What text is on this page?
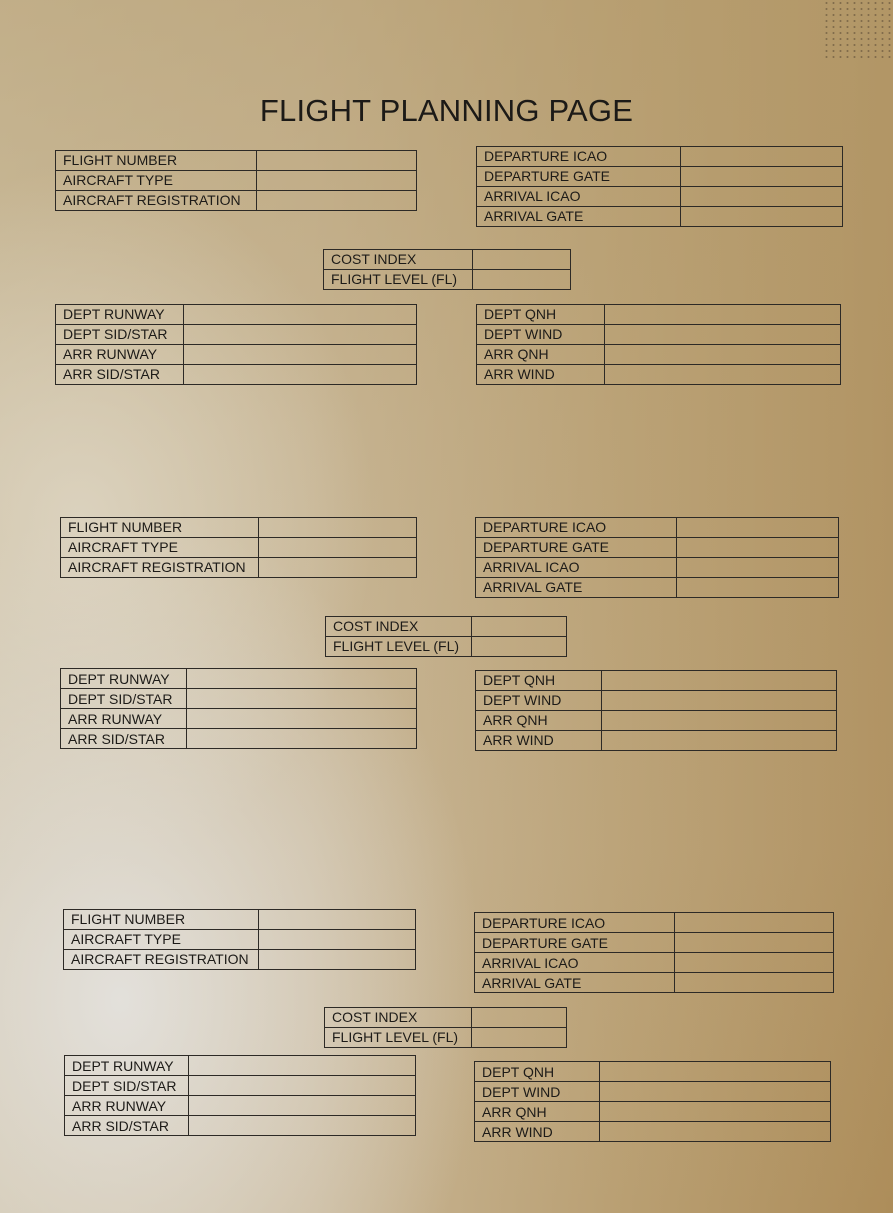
FLIGHT PLANNING PAGE
FLIGHT NUMBER	
AIRCRAFT TYPE	
AIRCRAFT REGISTRATION	
DEPARTURE ICAO	
DEPARTURE GATE	
ARRIVAL ICAO	
ARRIVAL GATE	
COST INDEX	
FLIGHT LEVEL (FL)	
DEPT RUNWAY	
DEPT SID/STAR	
ARR RUNWAY	
ARR SID/STAR	
DEPT QNH	
DEPT WIND	
ARR QNH	
ARR WIND	
FLIGHT NUMBER	
AIRCRAFT TYPE	
AIRCRAFT REGISTRATION	
DEPARTURE ICAO	
DEPARTURE GATE	
ARRIVAL ICAO	
ARRIVAL GATE	
COST INDEX	
FLIGHT LEVEL (FL)	
DEPT RUNWAY	
DEPT SID/STAR	
ARR RUNWAY	
ARR SID/STAR	
DEPT QNH	
DEPT WIND	
ARR QNH	
ARR WIND	
FLIGHT NUMBER	
AIRCRAFT TYPE	
AIRCRAFT REGISTRATION	
DEPARTURE ICAO	
DEPARTURE GATE	
ARRIVAL ICAO	
ARRIVAL GATE	
COST INDEX	
FLIGHT LEVEL (FL)	
DEPT RUNWAY	
DEPT SID/STAR	
ARR RUNWAY	
ARR SID/STAR	
DEPT QNH	
DEPT WIND	
ARR QNH	
ARR WIND	
